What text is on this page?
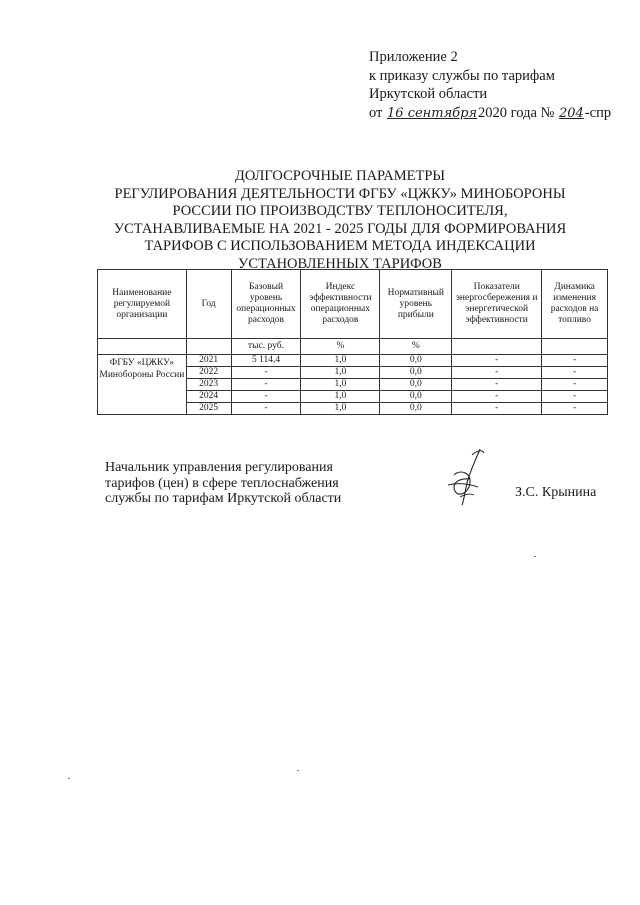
Приложение 2
к приказу службы по тарифам
Иркутской области
от 16 сентября2020 года № 204-спр
ДОЛГОСРОЧНЫЕ ПАРАМЕТРЫ
РЕГУЛИРОВАНИЯ ДЕЯТЕЛЬНОСТИ ФГБУ «ЦЖКУ» МИНОБОРОНЫ
РОССИИ ПО ПРОИЗВОДСТВУ ТЕПЛОНОСИТЕЛЯ,
УСТАНАВЛИВАЕМЫЕ НА 2021 - 2025 ГОДЫ ДЛЯ ФОРМИРОВАНИЯ
ТАРИФОВ С ИСПОЛЬЗОВАНИЕМ МЕТОДА ИНДЕКСАЦИИ
УСТАНОВЛЕННЫХ ТАРИФОВ
Наименование регулируемой организации	Год	Базовый уровень операционных расходов	Индекс эффективности операционных расходов	Нормативный уровень прибыли	Показатели энергосбережения и энергетической эффективности	Динамика изменения расходов на топливо
		тыс. руб.	%	%		
ФГБУ «ЦЖКУ» Минобороны России	2021	5 114,4	1,0	0,0	-	-
	2022	-	1,0	0,0	-	-
	2023	-	1,0	0,0	-	-
	2024	-	1,0	0,0	-	-
	2025	-	1,0	0,0	-	-
Начальник управления регулирования
тарифов (цен) в сфере теплоснабжения
службы по тарифам Иркутской области	З.С. Крынина
